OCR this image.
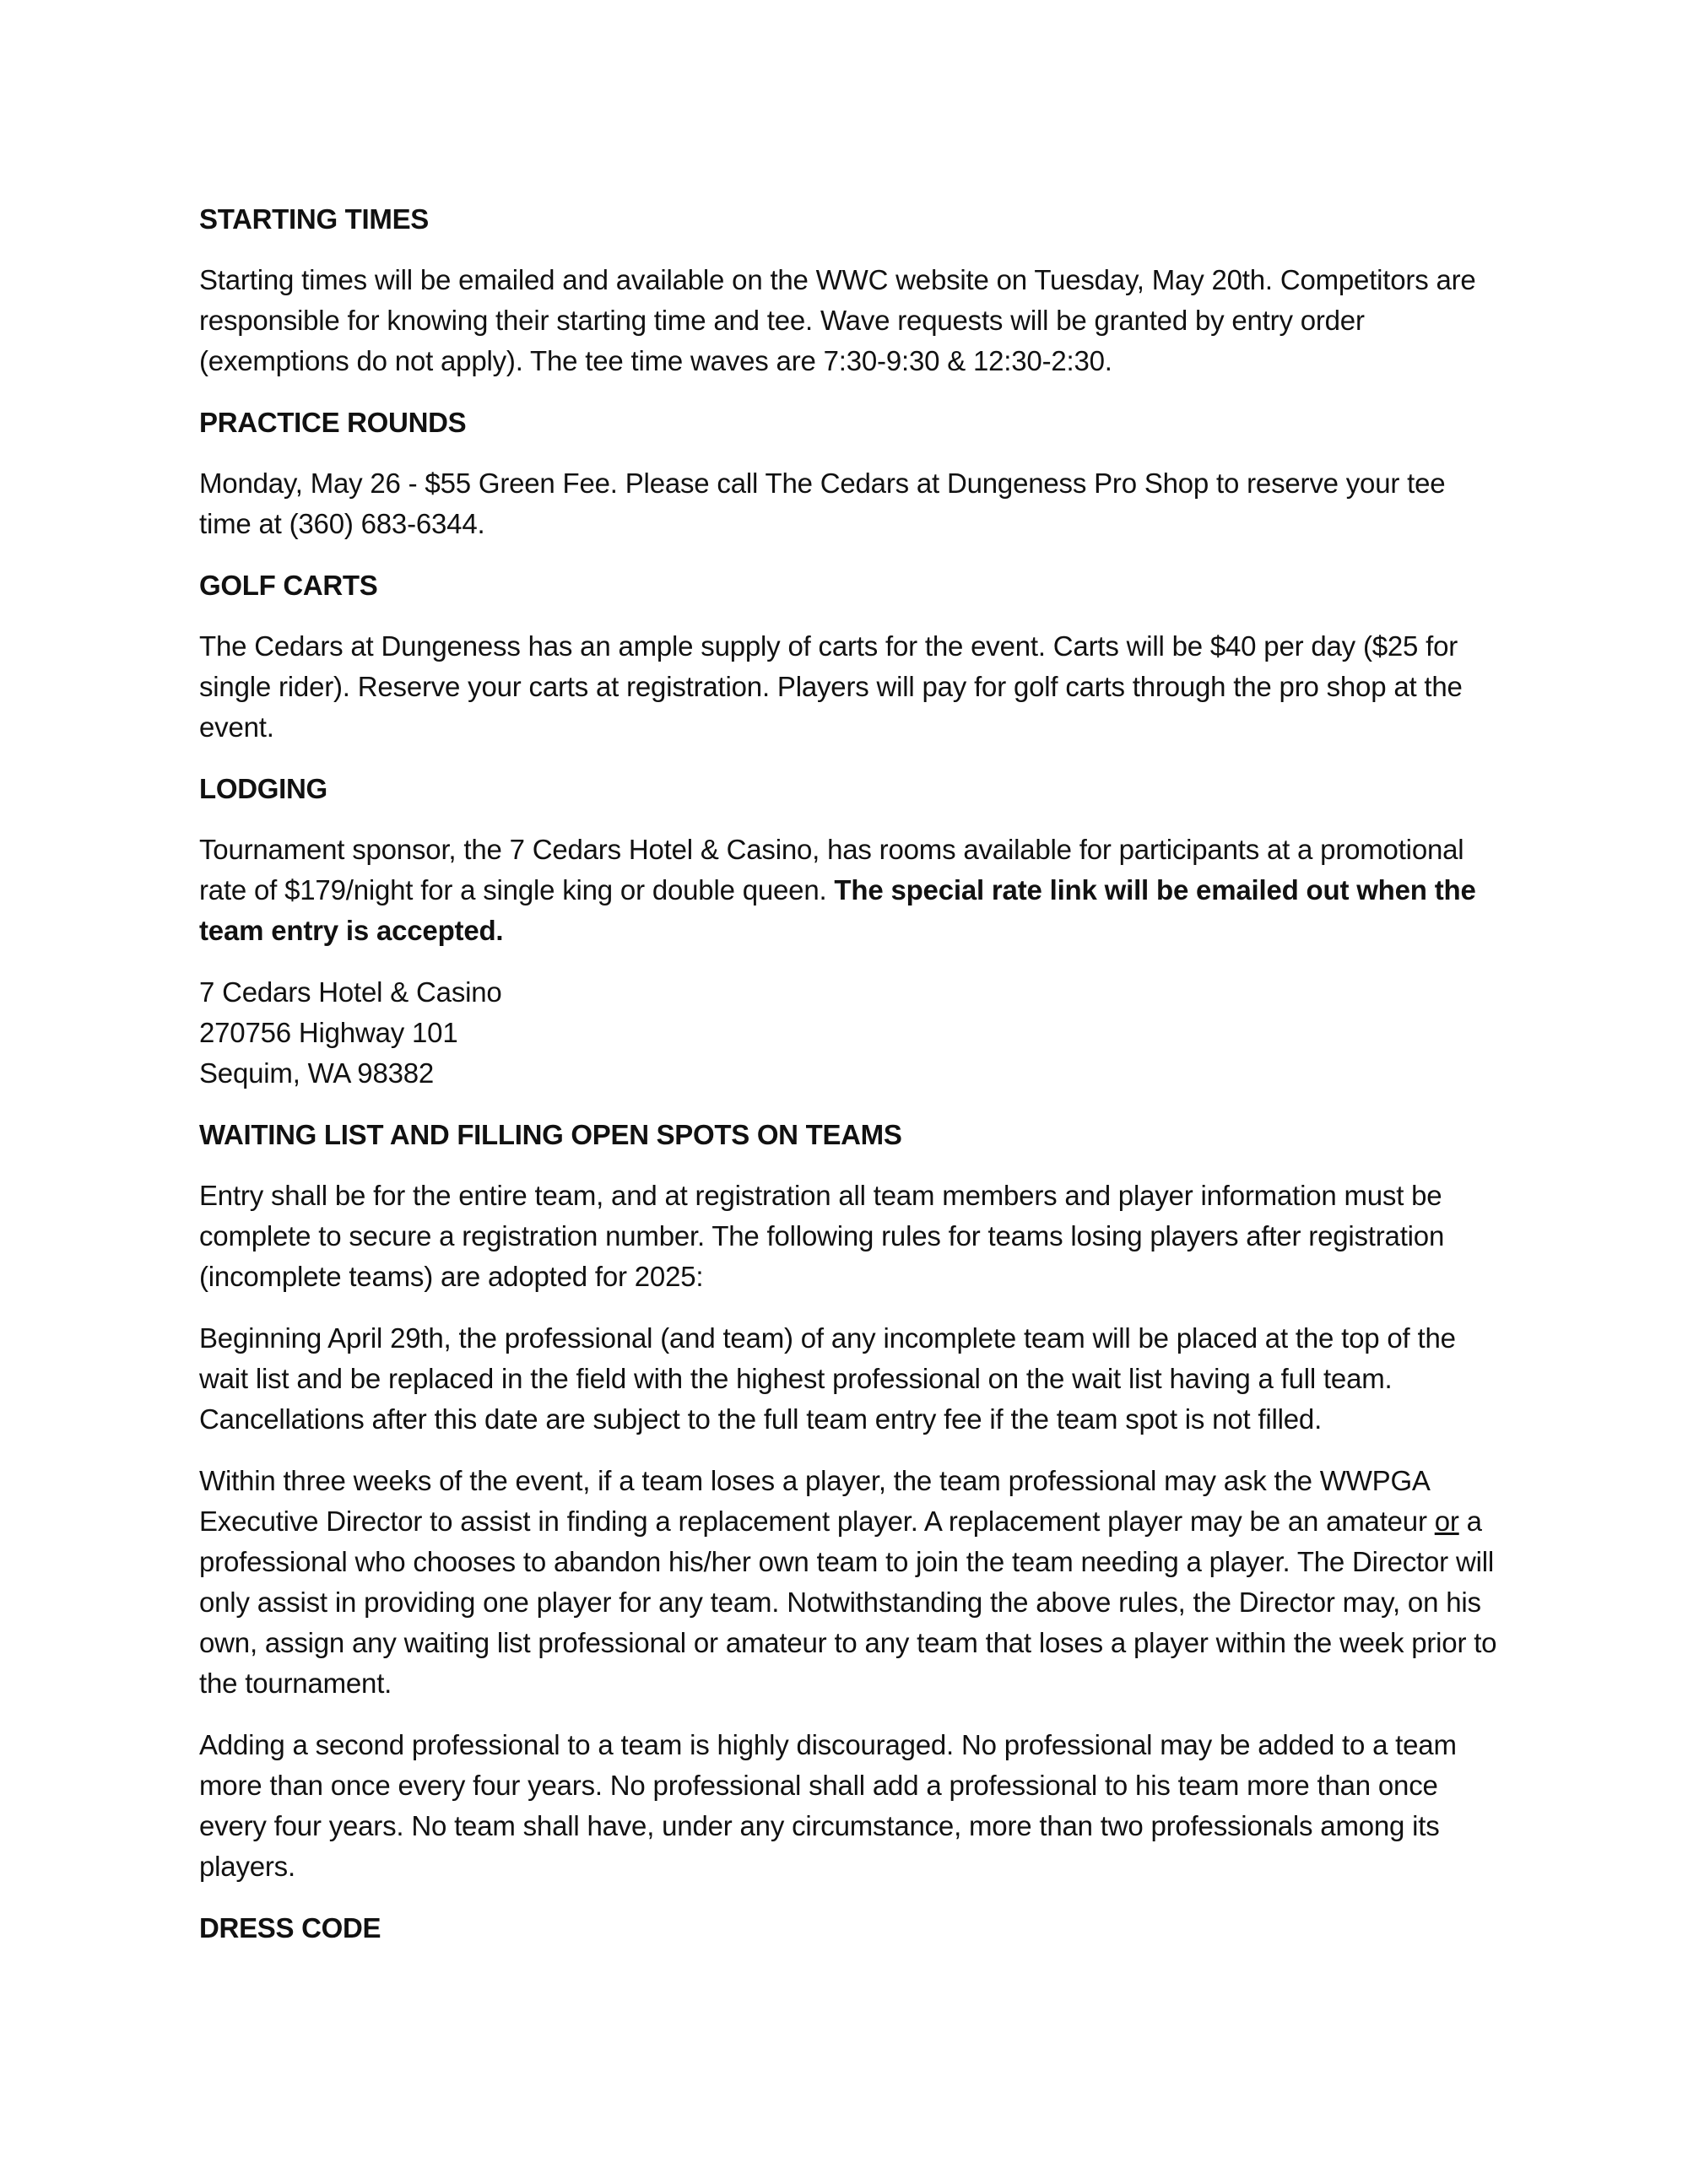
STARTING TIMES

Starting times will be emailed and available on the WWC website on Tuesday, May 20th. Competitors are responsible for knowing their starting time and tee. Wave requests will be granted by entry order (exemptions do not apply). The tee time waves are 7:30-9:30 & 12:30-2:30.

PRACTICE ROUNDS

Monday, May 26 - $55 Green Fee. Please call The Cedars at Dungeness Pro Shop to reserve your tee time at (360) 683-6344.

GOLF CARTS

The Cedars at Dungeness has an ample supply of carts for the event. Carts will be $40 per day ($25 for single rider). Reserve your carts at registration. Players will pay for golf carts through the pro shop at the event.

LODGING

Tournament sponsor, the 7 Cedars Hotel & Casino, has rooms available for participants at a promotional rate of $179/night for a single king or double queen. The special rate link will be emailed out when the team entry is accepted.

7 Cedars Hotel & Casino
270756 Highway 101
Sequim, WA 98382

WAITING LIST AND FILLING OPEN SPOTS ON TEAMS

Entry shall be for the entire team, and at registration all team members and player information must be complete to secure a registration number. The following rules for teams losing players after registration (incomplete teams) are adopted for 2025:

Beginning April 29th, the professional (and team) of any incomplete team will be placed at the top of the wait list and be replaced in the field with the highest professional on the wait list having a full team. Cancellations after this date are subject to the full team entry fee if the team spot is not filled.

Within three weeks of the event, if a team loses a player, the team professional may ask the WWPGA Executive Director to assist in finding a replacement player. A replacement player may be an amateur or a professional who chooses to abandon his/her own team to join the team needing a player. The Director will only assist in providing one player for any team. Notwithstanding the above rules, the Director may, on his own, assign any waiting list professional or amateur to any team that loses a player within the week prior to the tournament.

Adding a second professional to a team is highly discouraged. No professional may be added to a team more than once every four years. No professional shall add a professional to his team more than once every four years. No team shall have, under any circumstance, more than two professionals among its players.

DRESS CODE
